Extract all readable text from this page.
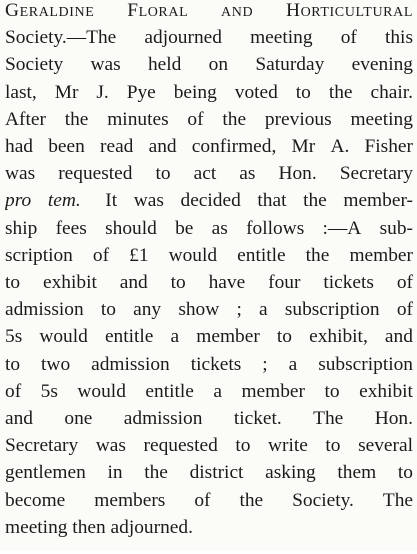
Geraldine Floral and Horticultural
Society.—The adjourned meeting of this
Society was held on Saturday evening
last, Mr J. Pye being voted to the chair.
After the minutes of the previous meeting
had been read and confirmed, Mr A. Fisher
was requested to act as Hon. Secretary
pro tem. It was decided that the member-
ship fees should be as follows :—A sub-
scription of £1 would entitle the member
to exhibit and to have four tickets of
admission to any show ; a subscription of
5s would entitle a member to exhibit, and
to two admission tickets ; a subscription
of 5s would entitle a member to exhibit
and one admission ticket. The Hon.
Secretary was requested to write to several
gentlemen in the district asking them to
become members of the Society. The
meeting then adjourned.
